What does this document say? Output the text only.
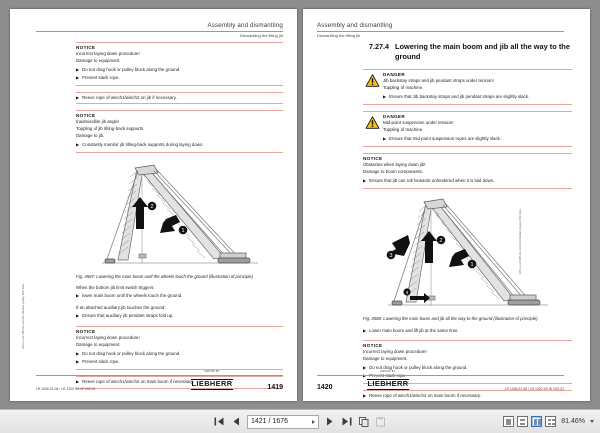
Assembly and dismantling
Dismantling the lifting jib
NOTICE
Incorrect laying down procedure!
Damage to equipment.
▶ Do not drag hook or pulley block along the ground.
▶ Prevent slack rope.
▶ Reeve rope of winch1/winch2 on jib if necessary.
NOTICE
Inadmissible jib angle!
Toppling of jib tilting-back supports.
Damage to jib.
▶ Constantly monitor jib tilting-back supports during laying down.
2
1
Fig. 4567: Lowering the main boom until the wheels touch the ground (illustration of principle)
When the bottom jib limit switch triggers:
▶ lower main boom until the wheels touch the ground.
If an attached auxiliary jib touches the ground:
▶ Ensure that auxiliary jib pendant straps fold up.
NOTICE
Incorrect laying down procedure!
Damage to equipment.
▶ Do not drag hook or pulley block along the ground.
▶ Prevent slack rope.
▶ Reeve rope of winch1/winch2 on main boom if necessary.
LWN-LA-AT-MB-EU-1-EN-EN-Medium-Quality-PDF-Files
LR 1006.01.08 / LR 1300 SX W V02-01
GROUP BY
LIEBHERR	1419
Assembly and dismantling
Dismantling the lifting jib
7.27.4 Lowering the main boom and jib all the way to the ground
DANGER
Jib backstay straps and jib pendant straps under tension!
Toppling of machine.
▶ Ensure that Jib backstay straps and jib pendant straps are slightly slack.
DANGER
Mid-point suspension under tension!
Toppling of machine.
▶ Ensure that mid-point suspension ropes are slightly slack.
NOTICE
Obstacles when laying down jib!
Damage to boom components.
▶ Ensure that jib can roll forwards unhindered when it is laid down.
2
3
1
4
Fig. 4568: Lowering the main boom and jib all the way to the ground (illustration of principle)
▶ Lower main boom and lift jib at the same time.
NOTICE
Incorrect laying down procedure!
Damage to equipment.
▶ Do not drag hook or pulley block along the ground.
▶ Prevent slack rope.
▶ Reeve rope of winch1/winch2 on main boom if necessary.
LWN-LA-AT-MB-EU-1-EN-EN-Medium-Quality-PDF-Files
1420
GROUP BY
LIEBHERR
LR 1006.01.08 / LR 1300 SX W V02-01
1421 / 1676	81.46%
